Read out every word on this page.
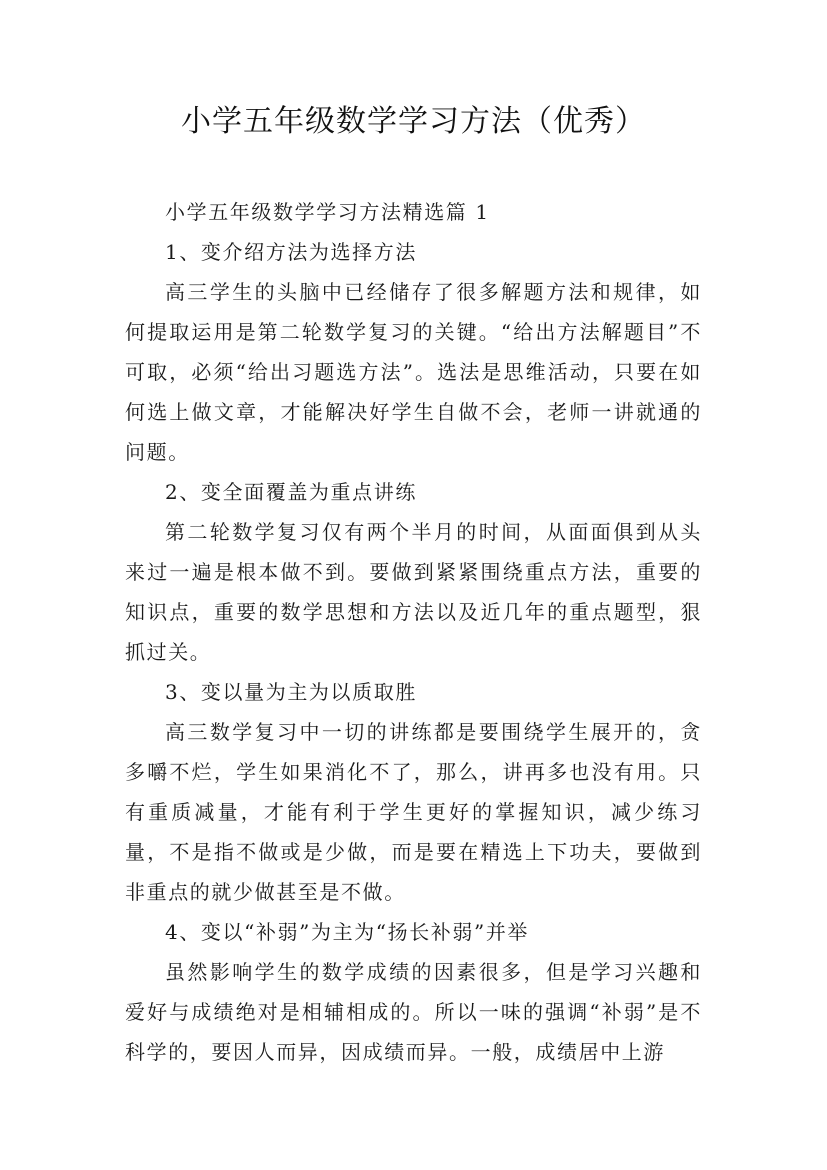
小学五年级数学学习方法（优秀）

小学五年级数学学习方法精选篇 1

1、变介绍方法为选择方法

高三学生的头脑中已经储存了很多解题方法和规律，如何提取运用是第二轮数学复习的关键。“给出方法解题目”不可取，必须“给出习题选方法”。选法是思维活动，只要在如何选上做文章，才能解决好学生自做不会，老师一讲就通的问题。

2、变全面覆盖为重点讲练

第二轮数学复习仅有两个半月的时间，从面面俱到从头来过一遍是根本做不到。要做到紧紧围绕重点方法，重要的知识点，重要的数学思想和方法以及近几年的重点题型，狠抓过关。

3、变以量为主为以质取胜

高三数学复习中一切的讲练都是要围绕学生展开的，贪多嚼不烂，学生如果消化不了，那么，讲再多也没有用。只有重质减量，才能有利于学生更好的掌握知识，减少练习量，不是指不做或是少做，而是要在精选上下功夫，要做到非重点的就少做甚至是不做。

4、变以“补弱”为主为“扬长补弱”并举

虽然影响学生的数学成绩的因素很多，但是学习兴趣和爱好与成绩绝对是相辅相成的。所以一味的强调“补弱”是不科学的，要因人而异，因成绩而异。一般，成绩居中上游
